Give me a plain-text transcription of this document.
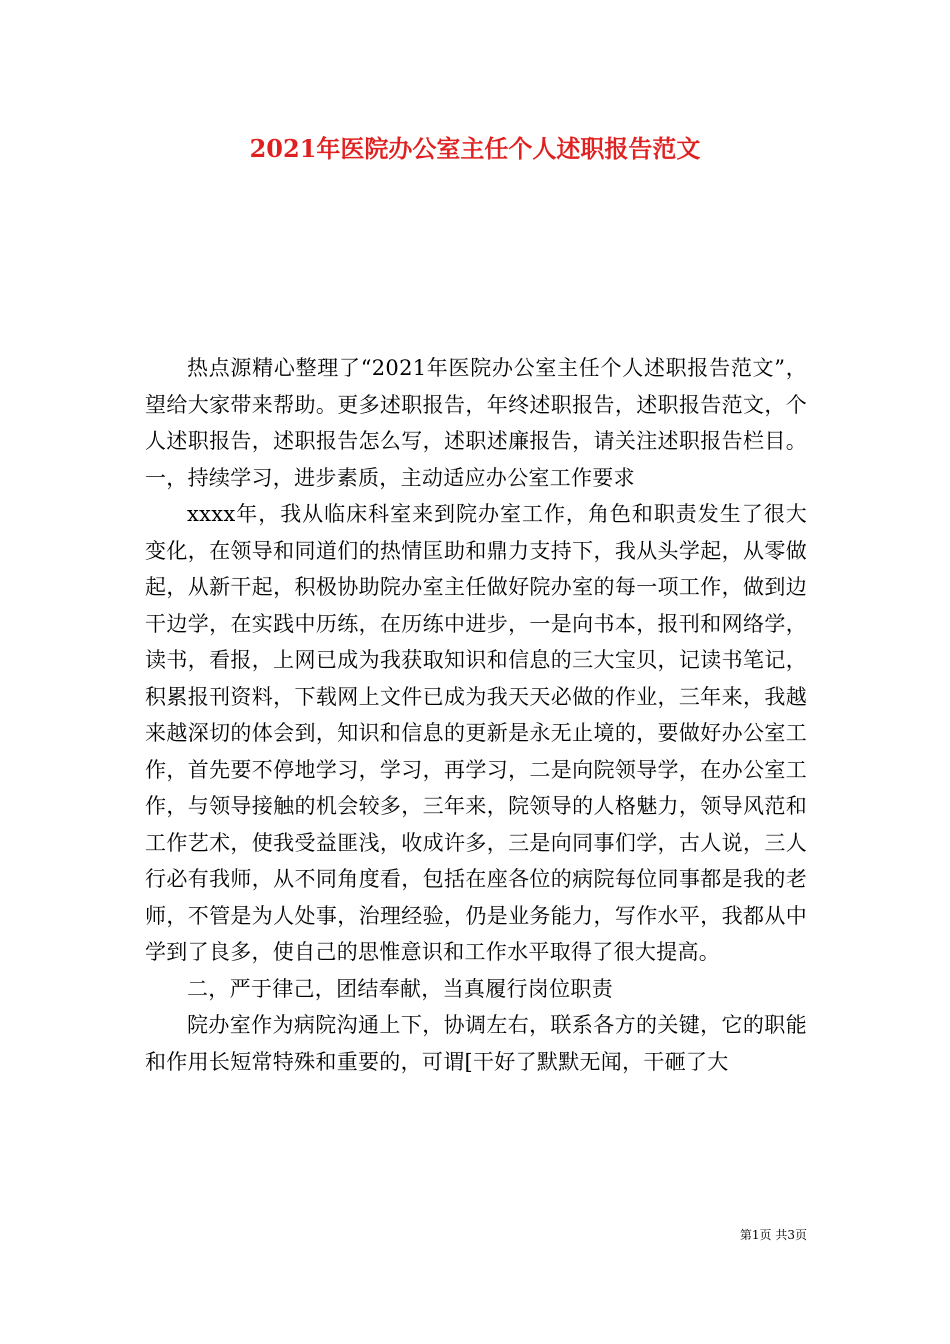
2021年医院办公室主任个人述职报告范文

热点源精心整理了“2021年医院办公室主任个人述职报告范文”，望给大家带来帮助。更多述职报告，年终述职报告，述职报告范文，个人述职报告，述职报告怎么写，述职述廉报告，请关注述职报告栏目。一，持续学习，进步素质，主动适应办公室工作要求

xxxx年，我从临床科室来到院办室工作，角色和职责发生了很大变化，在领导和同道们的热情匡助和鼎力支持下，我从头学起，从零做起，从新干起，积极协助院办室主任做好院办室的每一项工作，做到边干边学，在实践中历练，在历练中进步，一是向书本，报刊和网络学，读书，看报，上网已成为我获取知识和信息的三大宝贝，记读书笔记，积累报刊资料，下载网上文件已成为我天天必做的作业，三年来，我越来越深切的体会到，知识和信息的更新是永无止境的，要做好办公室工作，首先要不停地学习，学习，再学习，二是向院领导学，在办公室工作，与领导接触的机会较多，三年来，院领导的人格魅力，领导风范和工作艺术，使我受益匪浅，收成许多，三是向同事们学，古人说，三人行必有我师，从不同角度看，包括在座各位的病院每位同事都是我的老师，不管是为人处事，治理经验，仍是业务能力，写作水平，我都从中学到了良多，使自己的思惟意识和工作水平取得了很大提高。

二，严于律己，团结奉献，当真履行岗位职责

院办室作为病院沟通上下，协调左右，联系各方的关键，它的职能和作用长短常特殊和重要的，可谓[干好了默默无闻，干砸了大

第1页 共3页
